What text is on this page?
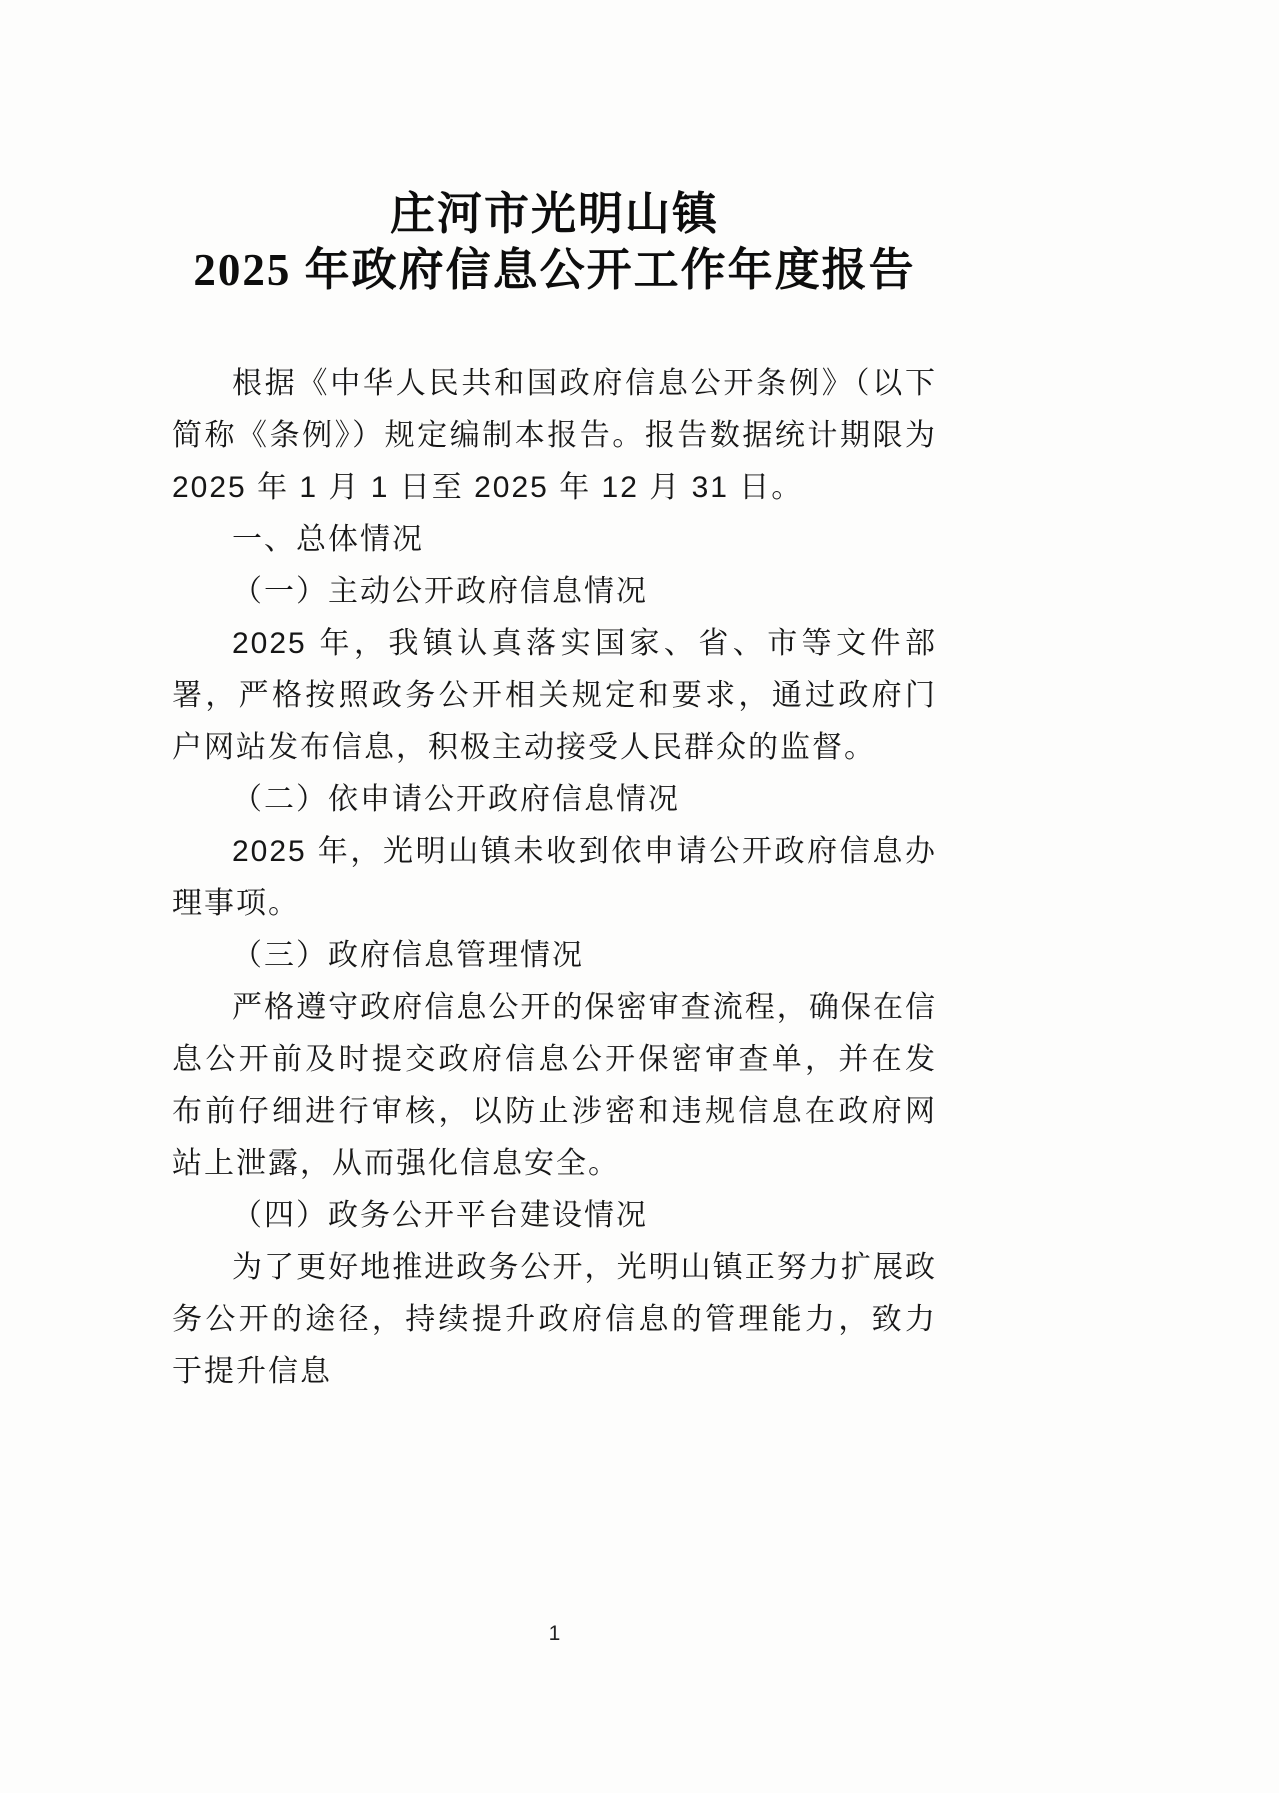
庄河市光明山镇
2025 年政府信息公开工作年度报告

根据《中华人民共和国政府信息公开条例》（以下简称《条例》）规定编制本报告。报告数据统计期限为 2025 年 1 月 1 日至 2025 年 12 月 31 日。

一、总体情况

（一）主动公开政府信息情况

2025 年，我镇认真落实国家、省、市等文件部署，严格按照政务公开相关规定和要求，通过政府门户网站发布信息，积极主动接受人民群众的监督。

（二）依申请公开政府信息情况

2025 年，光明山镇未收到依申请公开政府信息办理事项。

（三）政府信息管理情况

严格遵守政府信息公开的保密审查流程，确保在信息公开前及时提交政府信息公开保密审查单，并在发布前仔细进行审核，以防止涉密和违规信息在政府网站上泄露，从而强化信息安全。

（四）政务公开平台建设情况

为了更好地推进政务公开，光明山镇正努力扩展政务公开的途径，持续提升政府信息的管理能力，致力于提升信息

1
